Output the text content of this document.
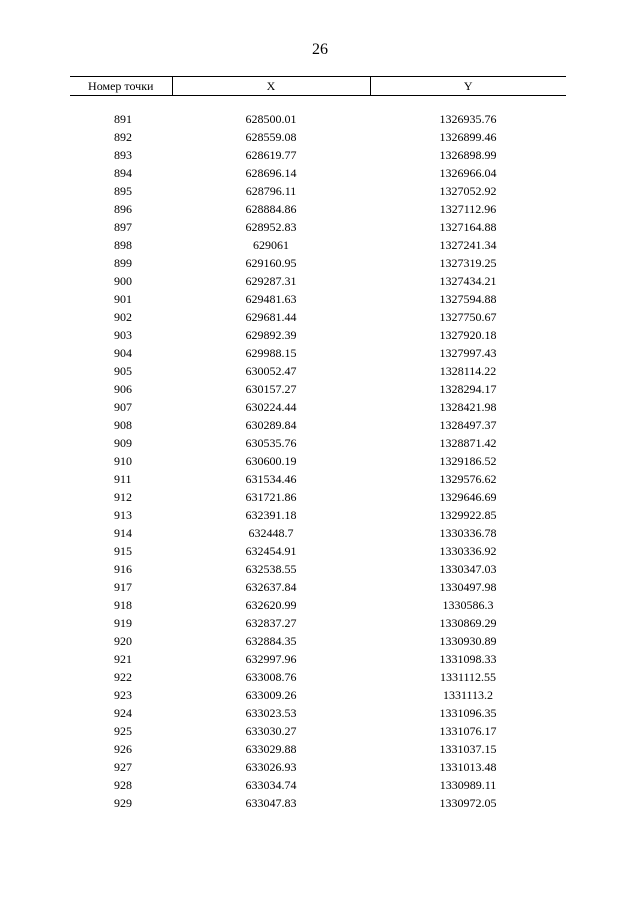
26
Номер точки	X	Y

891	628500.01	1326935.76
892	628559.08	1326899.46
893	628619.77	1326898.99
894	628696.14	1326966.04
895	628796.11	1327052.92
896	628884.86	1327112.96
897	628952.83	1327164.88
898	629061	1327241.34
899	629160.95	1327319.25
900	629287.31	1327434.21
901	629481.63	1327594.88
902	629681.44	1327750.67
903	629892.39	1327920.18
904	629988.15	1327997.43
905	630052.47	1328114.22
906	630157.27	1328294.17
907	630224.44	1328421.98
908	630289.84	1328497.37
909	630535.76	1328871.42
910	630600.19	1329186.52
911	631534.46	1329576.62
912	631721.86	1329646.69
913	632391.18	1329922.85
914	632448.7	1330336.78
915	632454.91	1330336.92
916	632538.55	1330347.03
917	632637.84	1330497.98
918	632620.99	1330586.3
919	632837.27	1330869.29
920	632884.35	1330930.89
921	632997.96	1331098.33
922	633008.76	1331112.55
923	633009.26	1331113.2
924	633023.53	1331096.35
925	633030.27	1331076.17
926	633029.88	1331037.15
927	633026.93	1331013.48
928	633034.74	1330989.11
929	633047.83	1330972.05
